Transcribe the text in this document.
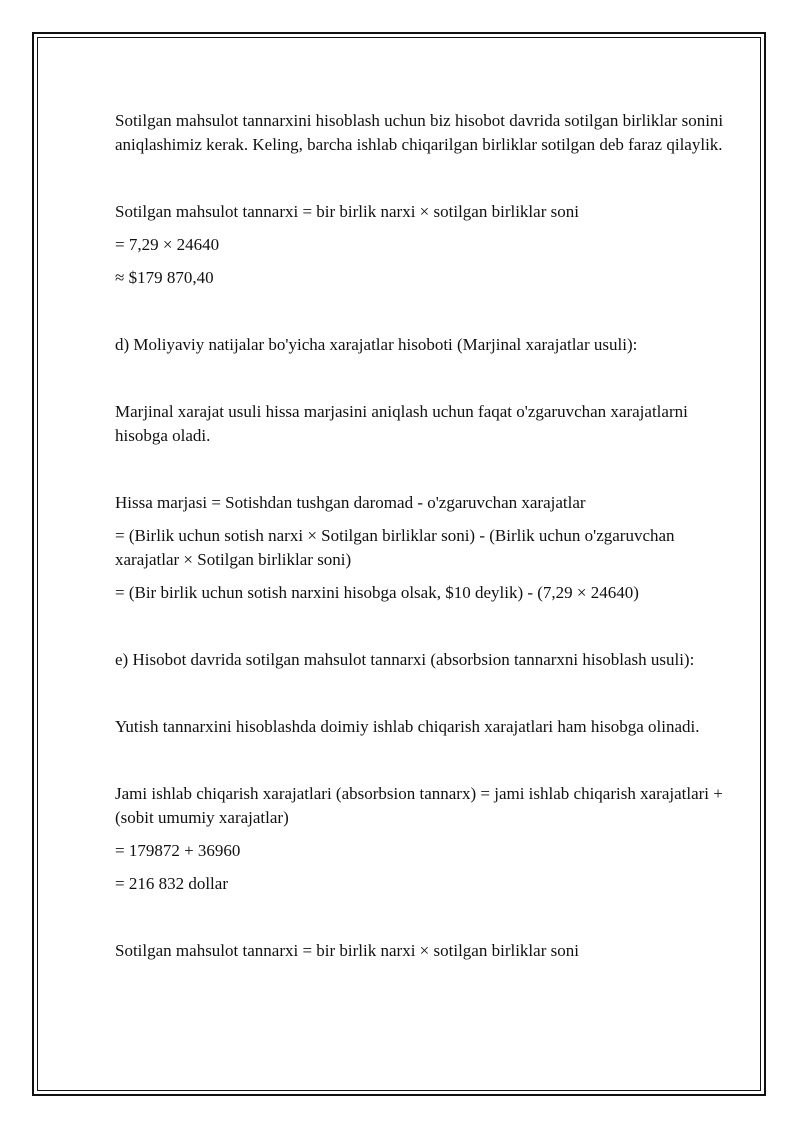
Sotilgan mahsulot tannarxini hisoblash uchun biz hisobot davrida sotilgan birliklar sonini aniqlashimiz kerak. Keling, barcha ishlab chiqarilgan birliklar sotilgan deb faraz qilaylik.

Sotilgan mahsulot tannarxi = bir birlik narxi × sotilgan birliklar soni

= 7,29 × 24640

≈ $179 870,40

d) Moliyaviy natijalar bo'yicha xarajatlar hisoboti (Marjinal xarajatlar usuli):

Marjinal xarajat usuli hissa marjasini aniqlash uchun faqat o'zgaruvchan xarajatlarni hisobga oladi.

Hissa marjasi = Sotishdan tushgan daromad - o'zgaruvchan xarajatlar

= (Birlik uchun sotish narxi × Sotilgan birliklar soni) - (Birlik uchun o'zgaruvchan xarajatlar × Sotilgan birliklar soni)

= (Bir birlik uchun sotish narxini hisobga olsak, $10 deylik) - (7,29 × 24640)

e) Hisobot davrida sotilgan mahsulot tannarxi (absorbsion tannarxni hisoblash usuli):

Yutish tannarxini hisoblashda doimiy ishlab chiqarish xarajatlari ham hisobga olinadi.

Jami ishlab chiqarish xarajatlari (absorbsion tannarx) = jami ishlab chiqarish xarajatlari + (sobit umumiy xarajatlar)

= 179872 + 36960

= 216 832 dollar

Sotilgan mahsulot tannarxi = bir birlik narxi × sotilgan birliklar soni
